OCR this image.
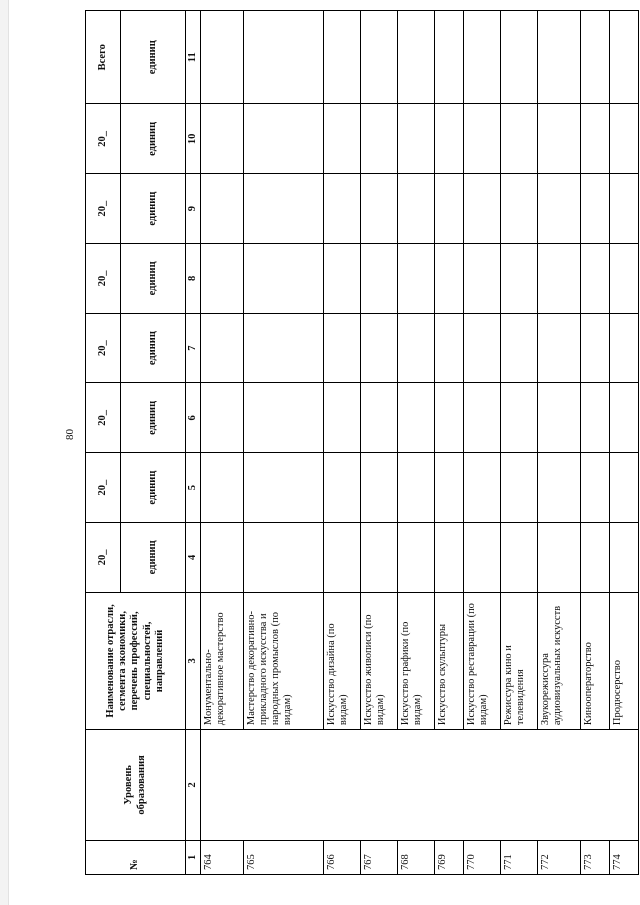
80
№	Уровень образования	Наименование отрасли, сегмента экономики, перечень профессий, специальностей, направлений	20_	20_	20_	20_	20_	20_	20_	Всего
			единиц	единиц	единиц	единиц	единиц	единиц	единиц	единиц
1	2	3	4	5	6	7	8	9	10	11
764		Монументально-декоративное мастерство								
765		Мастерство декоративно-прикладного искусства и народных промыслов (по видам)								
766		Искусство дизайна (по видам)								
767		Искусство живописи (по видам)								
768		Искусство графики (по видам)								
769		Искусство скульптуры								
770		Искусство реставрации (по видам)								
771		Режиссура кино и телевидения								
772		Звукорежиссура аудиовизуальных искусств								
773		Кинооператорство								
774		Продюсерство								
